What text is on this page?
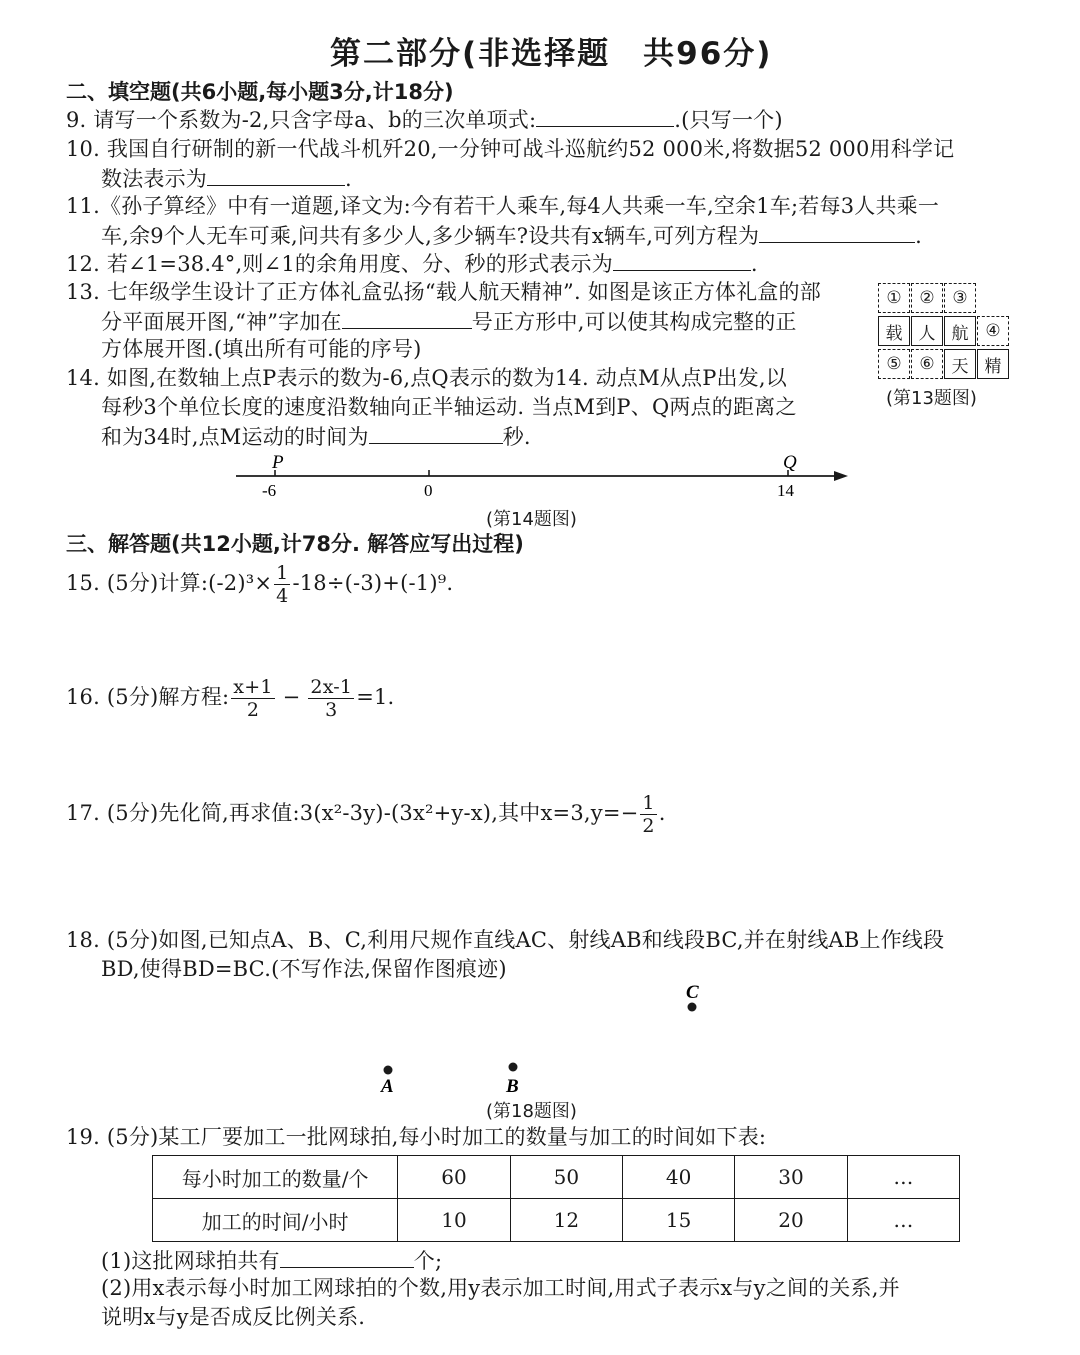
第二部分(非选择题　共96分)
二、填空题(共6小题,每小题3分,计18分)
9. 请写一个系数为-2,只含字母a、b的三次单项式:	.(只写一个)
10. 我国自行研制的新一代战斗机歼20,一分钟可战斗巡航约52 000米,将数据52 000用科学记
数法表示为	.
11.《孙子算经》中有一道题,译文为:今有若干人乘车,每4人共乘一车,空余1车;若每3人共乘一
车,余9个人无车可乘,问共有多少人,多少辆车?设共有x辆车,可列方程为	.
12. 若∠1=38.4°,则∠1的余角用度、分、秒的形式表示为	.
13. 七年级学生设计了正方体礼盒弘扬“载人航天精神”. 如图是该正方体礼盒的部
分平面展开图,“神”字加在	号正方形中,可以使其构成完整的正
方体展开图.(填出所有可能的序号)
①	②	③
载 人 航 ④
⑤	⑥ 天 精
(第13题图)
14. 如图,在数轴上点P表示的数为-6,点Q表示的数为14. 动点M从点P出发,以
每秒3个单位长度的速度沿数轴向正半轴运动. 当点M到P、Q两点的距离之
和为34时,点M运动的时间为	秒.
P	Q
-6	0	14
(第14题图)
三、解答题(共12小题,计78分. 解答应写出过程)
15. (5分)计算:(-2)³× $\frac{1}{4} -18\div(-3)+(-1)^9$.
16. (5分)解方程: $\frac{x+1}{2} - \frac{2x-1}{3} =1$.
17. (5分)先化简,再求值:3(x²-3y)-(3x²+y-x),其中$x=3,y=- \frac{1}{2}$ .
18. (5分)如图,已知点A、B、C,利用尺规作直线AC、射线AB和线段BC,并在射线AB上作线段
BD,使得BD=BC.(不写作法,保留作图痕迹)
C
A	B
(第18题图)
19. (5分)某工厂要加工一批网球拍,每小时加工的数量与加工的时间如下表:
每小时加工的数量/个	60	50	40	30	…
加工的时间/小时	10	12	15	20	…
(1)这批网球拍共有	个;
(2)用x表示每小时加工网球拍的个数,用y表示加工时间,用式子表示x与y之间的关系,并
说明x与y是否成反比例关系.
